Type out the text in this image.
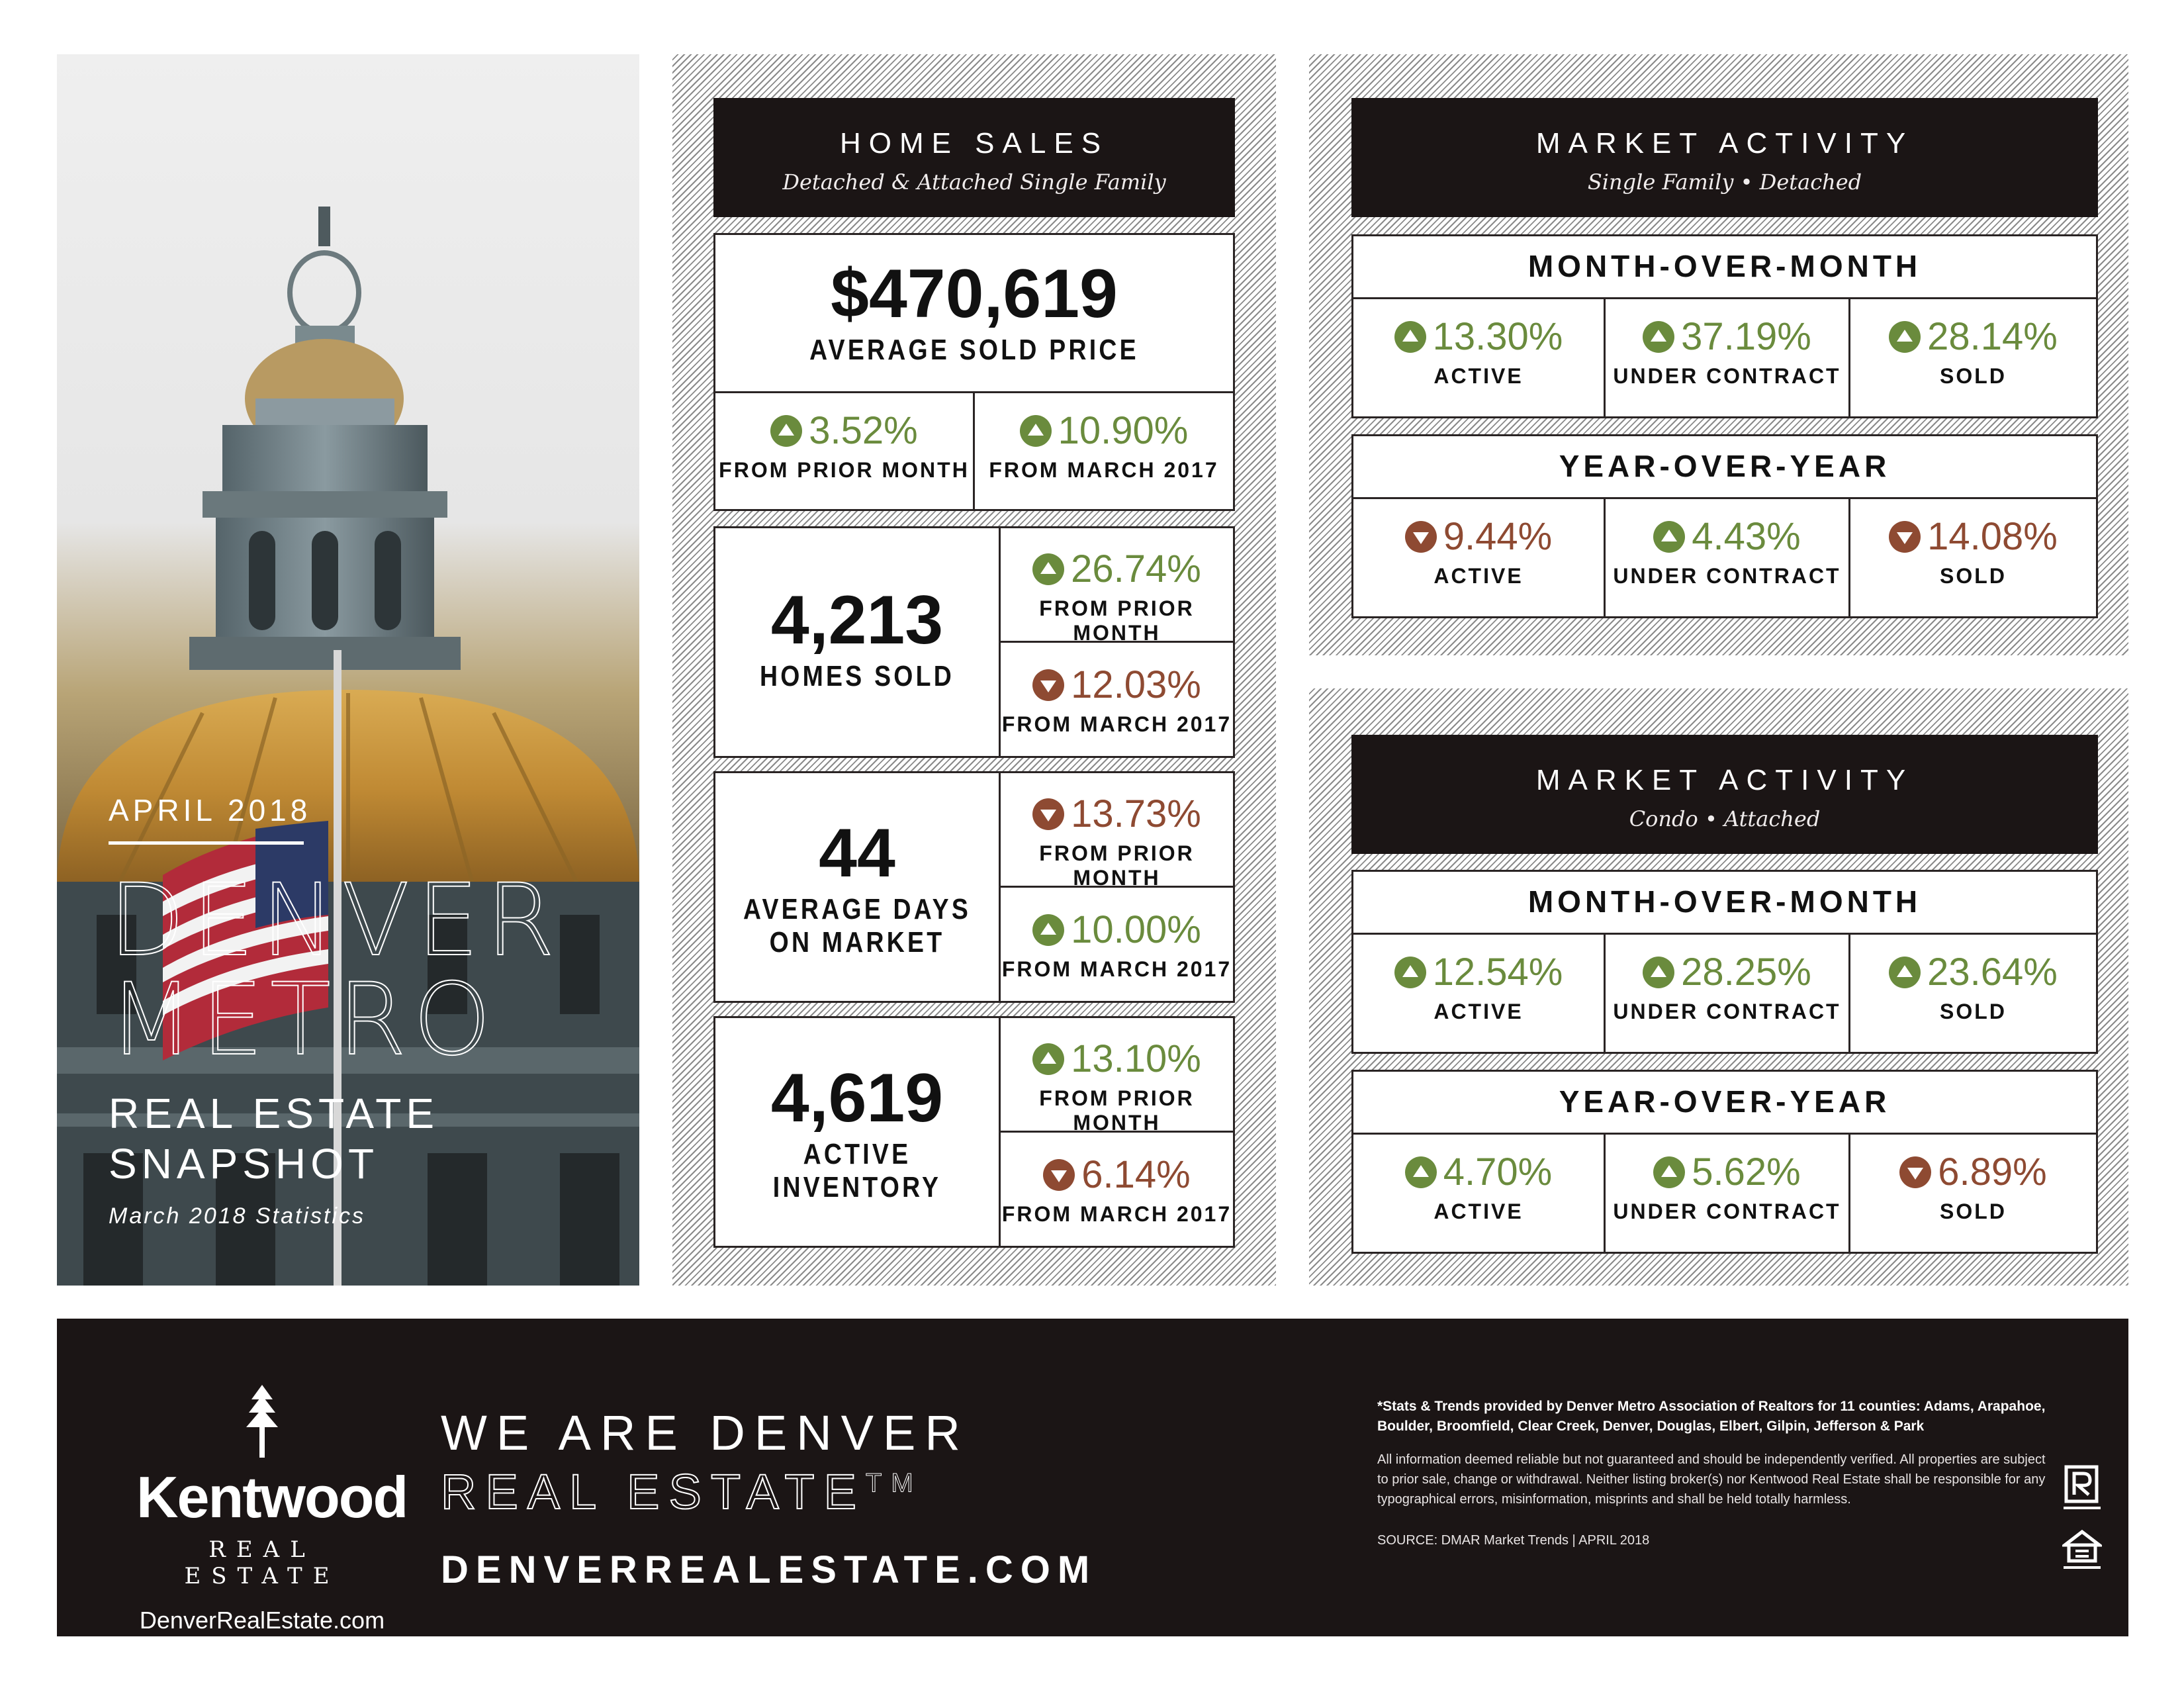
APRIL 2018
DENVER
METRO
REAL ESTATE
SNAPSHOT
March 2018 Statistics
HOME SALES
Detached & Attached Single Family
$470,619
AVERAGE SOLD PRICE
3.52%
FROM PRIOR MONTH
10.90%
FROM MARCH 2017
4,213
HOMES SOLD
26.74%
FROM PRIOR MONTH
12.03%
FROM MARCH 2017
44
AVERAGE DAYS
ON MARKET
13.73%
FROM PRIOR MONTH
10.00%
FROM MARCH 2017
4,619
ACTIVE
INVENTORY
13.10%
FROM PRIOR MONTH
6.14%
FROM MARCH 2017
MARKET ACTIVITY
Single Family • Detached
MONTH-OVER-MONTH
13.30%
ACTIVE
37.19%
UNDER CONTRACT
28.14%
SOLD
YEAR-OVER-YEAR
9.44%
ACTIVE
4.43%
UNDER CONTRACT
14.08%
SOLD
MARKET ACTIVITY
Condo • Attached
MONTH-OVER-MONTH
12.54%
ACTIVE
28.25%
UNDER CONTRACT
23.64%
SOLD
YEAR-OVER-YEAR
4.70%
ACTIVE
5.62%
UNDER CONTRACT
6.89%
SOLD
Kentwood
REAL ESTATE
DenverRealEstate.com
WE ARE DENVER
REAL ESTATE™
DENVERREALESTATE.COM
*Stats & Trends provided by Denver Metro Association of Realtors for 11 counties: Adams, Arapahoe, Boulder, Broomfield, Clear Creek, Denver, Douglas, Elbert, Gilpin, Jefferson & Park
All information deemed reliable but not guaranteed and should be independently verified. All properties are subject to prior sale, change or withdrawal. Neither listing broker(s) nor Kentwood Real Estate shall be responsible for any typographical errors, misinformation, misprints and shall be held totally harmless.
SOURCE: DMAR Market Trends | APRIL 2018
